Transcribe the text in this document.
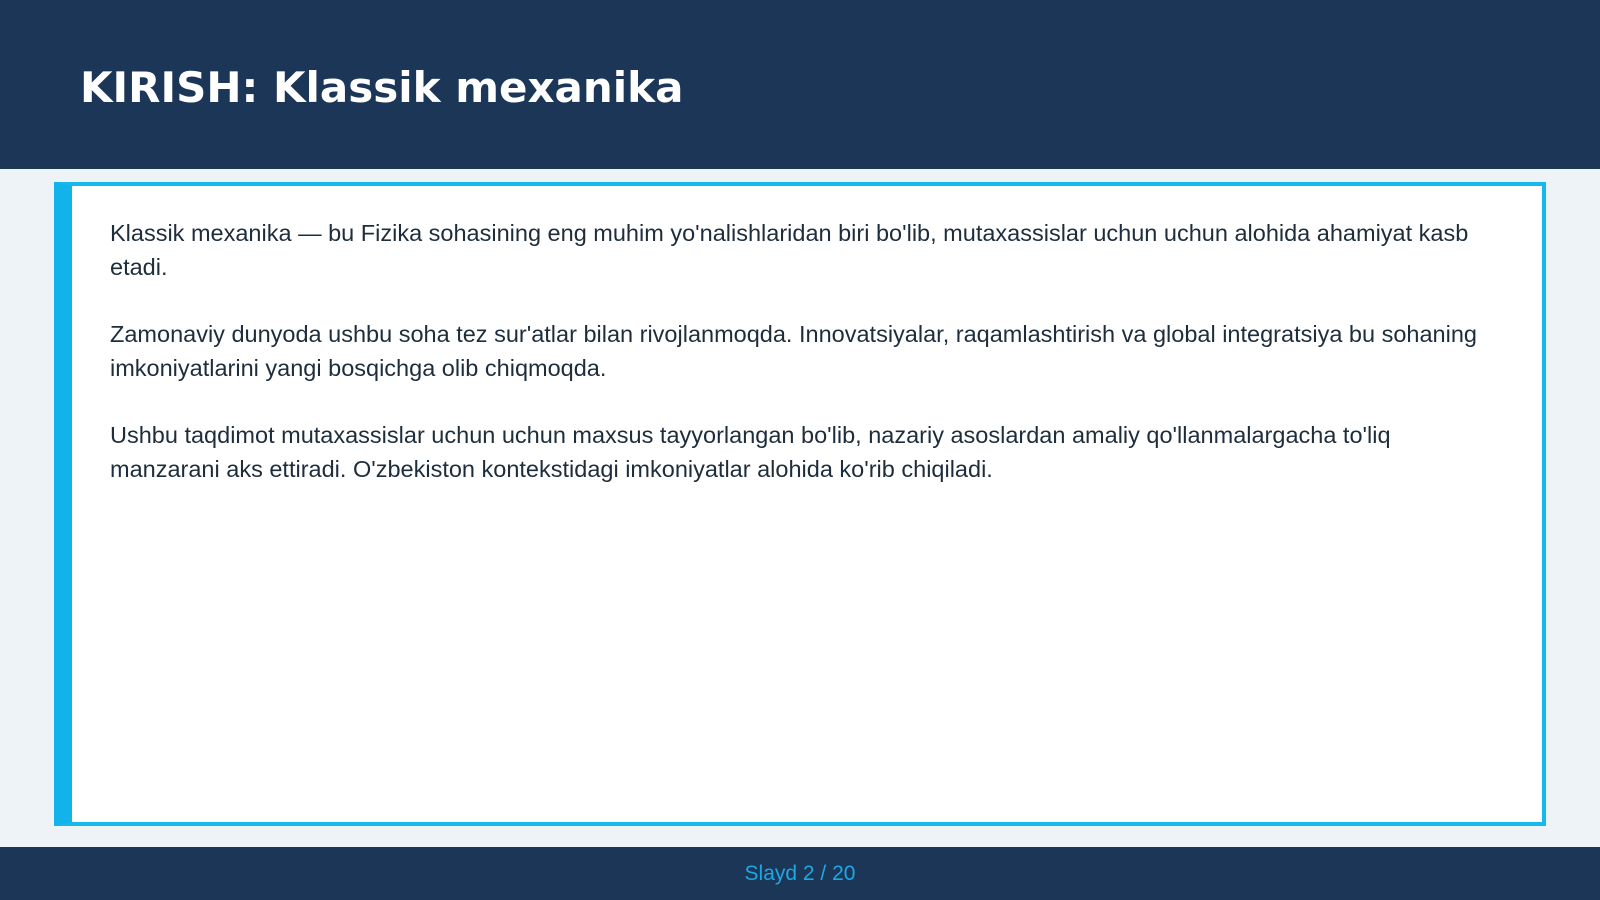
KIRISH: Klassik mexanika

Klassik mexanika — bu Fizika sohasining eng muhim yo'nalishlaridan biri bo'lib, mutaxassislar uchun uchun alohida ahamiyat kasb etadi.

Zamonaviy dunyoda ushbu soha tez sur'atlar bilan rivojlanmoqda. Innovatsiyalar, raqamlashtirish va global integratsiya bu sohaning imkoniyatlarini yangi bosqichga olib chiqmoqda.

Ushbu taqdimot mutaxassislar uchun uchun maxsus tayyorlangan bo'lib, nazariy asoslardan amaliy qo'llanmalargacha to'liq manzarani aks ettiradi. O'zbekiston kontekstidagi imkoniyatlar alohida ko'rib chiqiladi.

Slayd 2 / 20
